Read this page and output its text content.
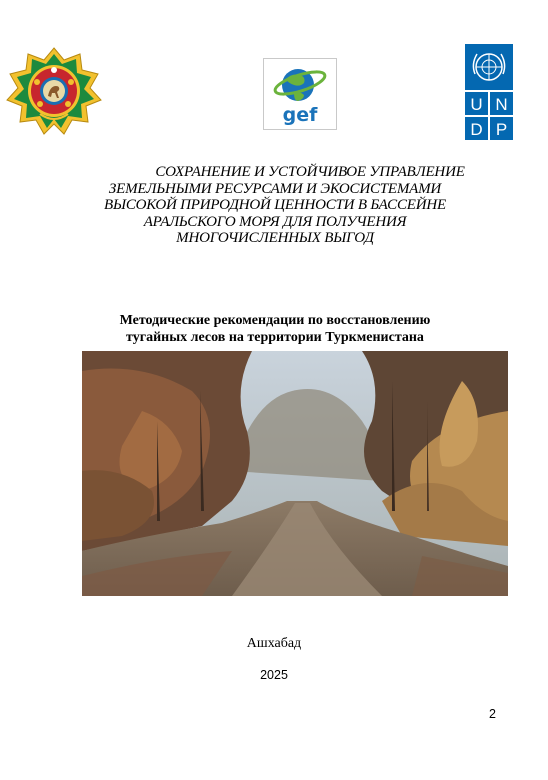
gef	U N
D P
СОХРАНЕНИЕ И УСТОЙЧИВОЕ УПРАВЛЕНИЕ
ЗЕМЕЛЬНЫМИ РЕСУРСАМИ И ЭКОСИСТЕМАМИ
ВЫСОКОЙ ПРИРОДНОЙ ЦЕННОСТИ В БАССЕЙНЕ
АРАЛЬСКОГО МОРЯ ДЛЯ ПОЛУЧЕНИЯ
МНОГОЧИСЛЕННЫХ ВЫГОД
Методические рекомендации по восстановлению
тугайных лесов на территории Туркменистана
Ашхабад
2025
2
